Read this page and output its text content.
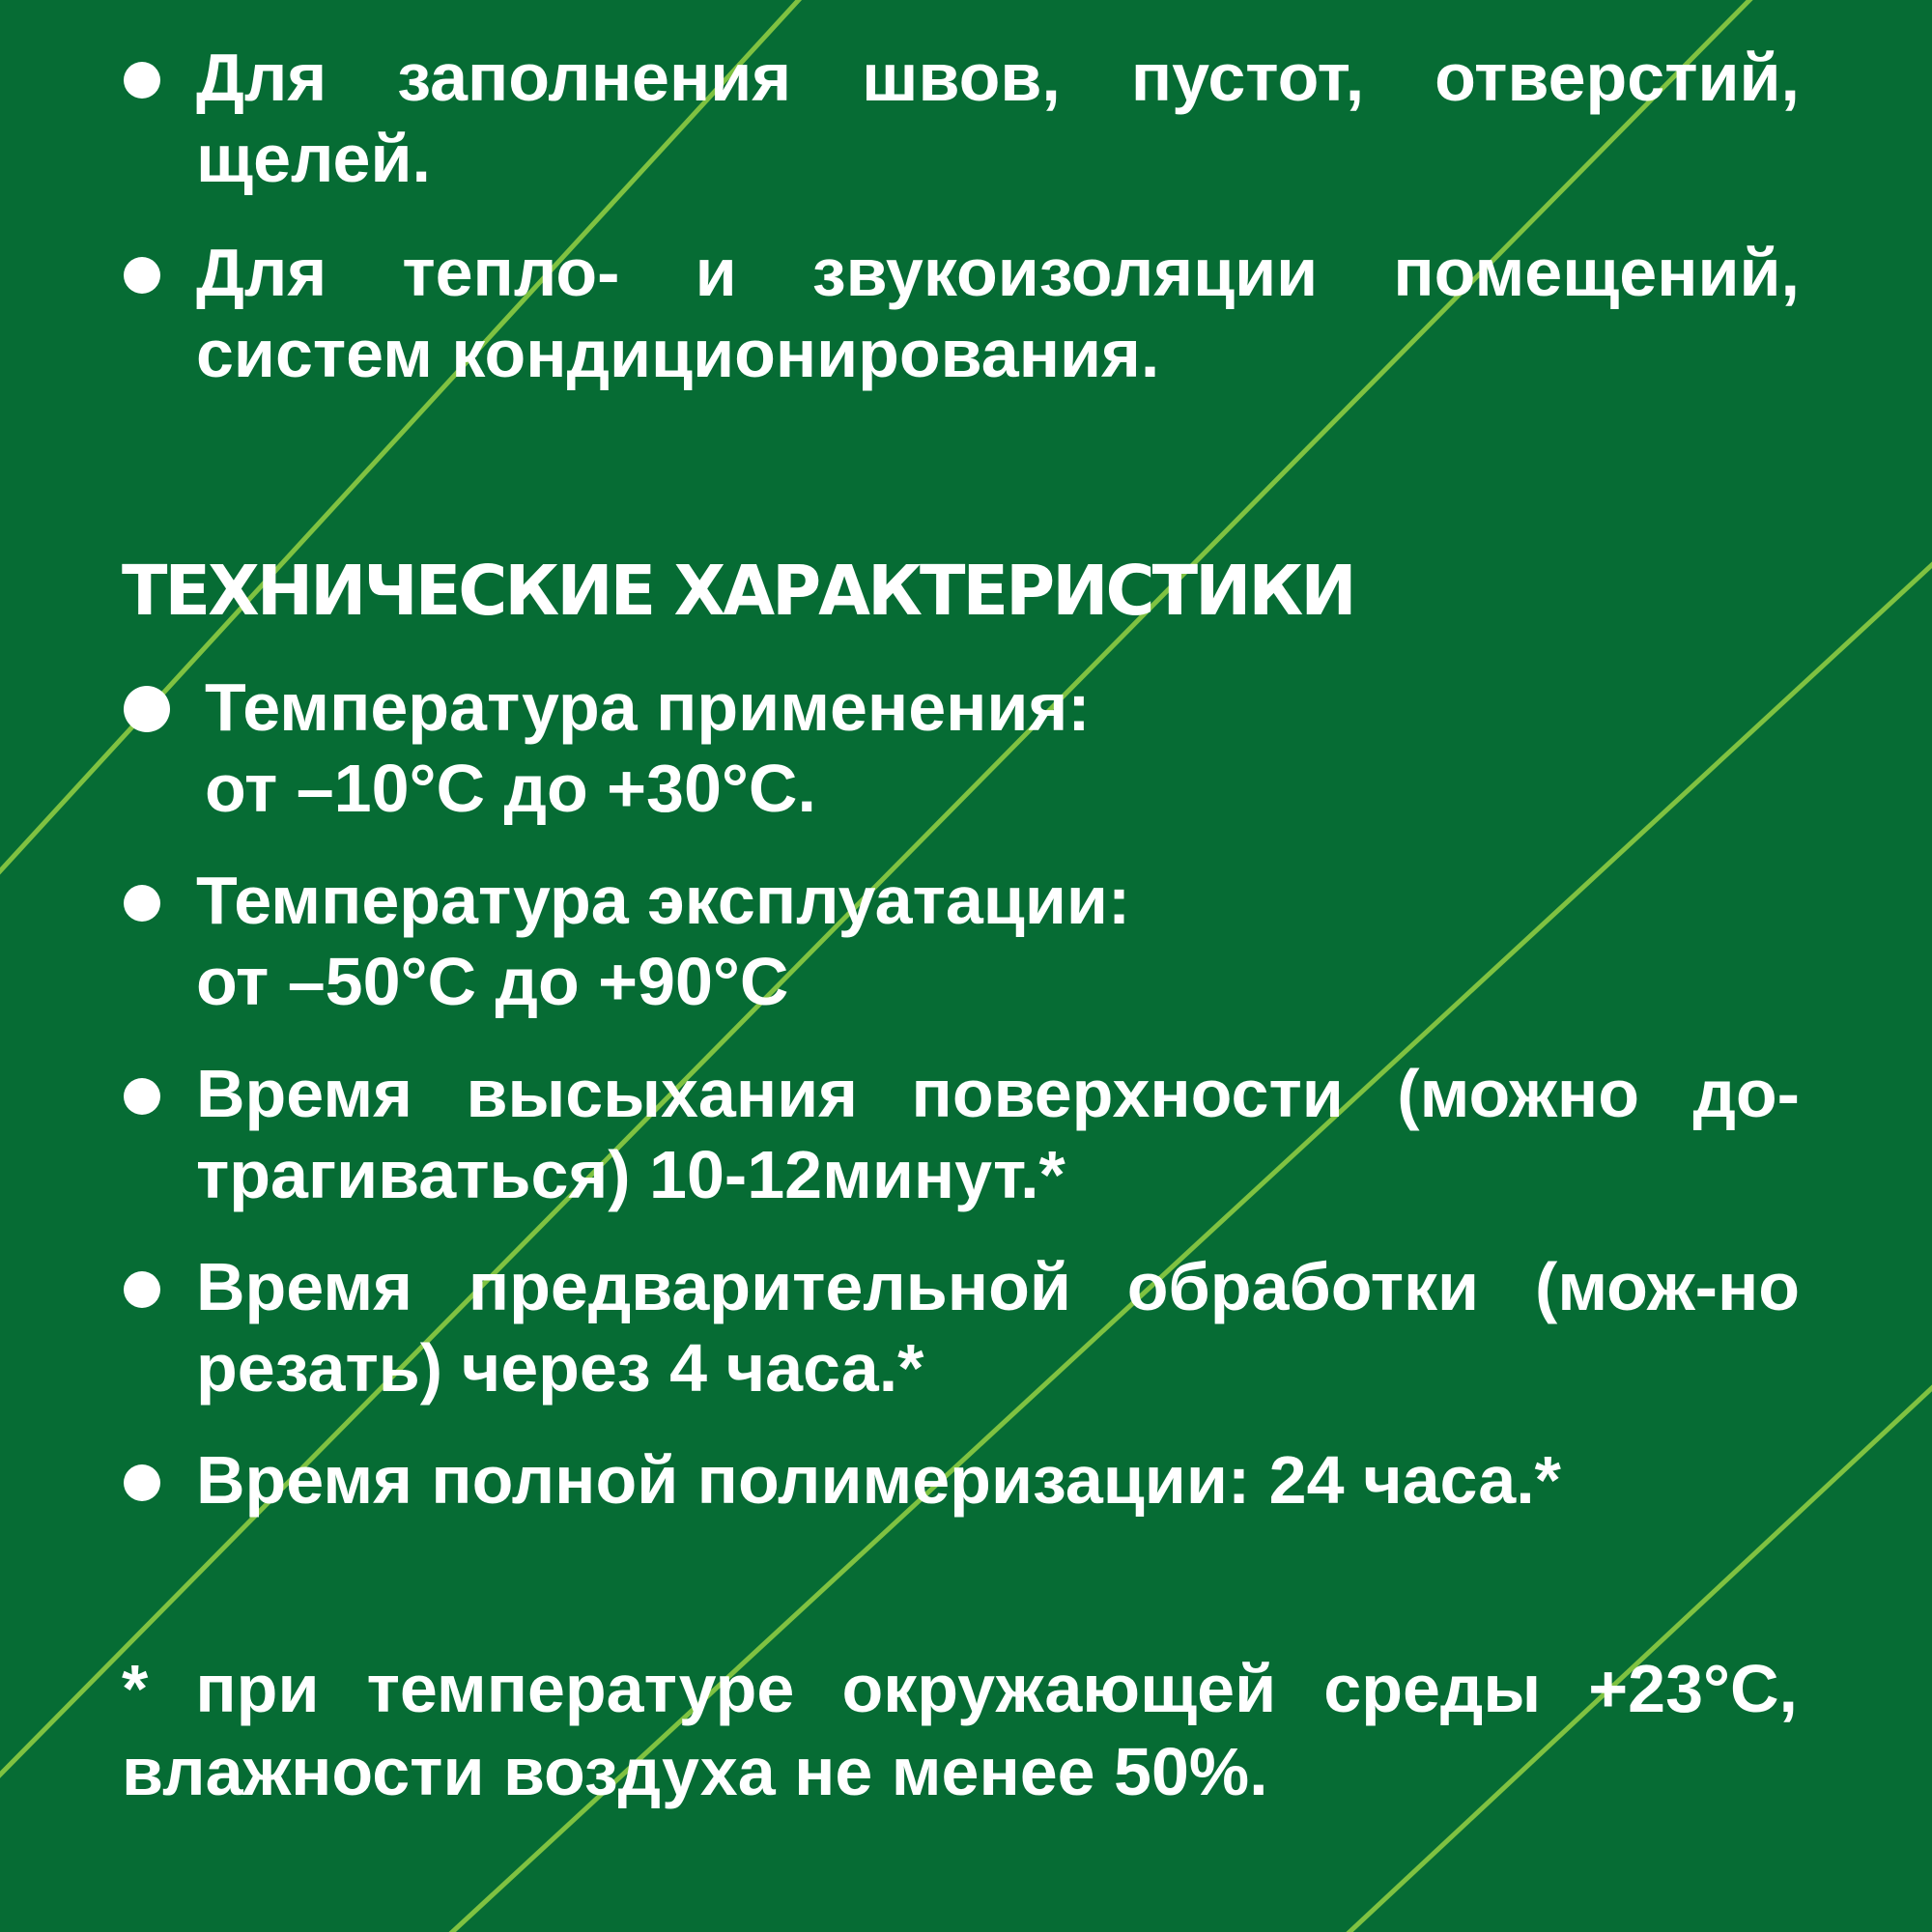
Для заполнения швов, пустот, отверстий, щелей.
Для тепло- и звукоизоляции помещений, систем кондиционирования.
ТЕХНИЧЕСКИЕ ХАРАКТЕРИСТИКИ
Температура применения:
от –10°C до +30°C.
Температура эксплуатации:
от –50°C до +90°C
Время высыхания поверхности (можно до-трагиваться) 10-12минут.*
Время предварительной обработки (мож-но резать) через 4 часа.*
Время полной полимеризации: 24 часа.*

* при температуре окружающей среды +23°C, влажности воздуха не менее 50%.
